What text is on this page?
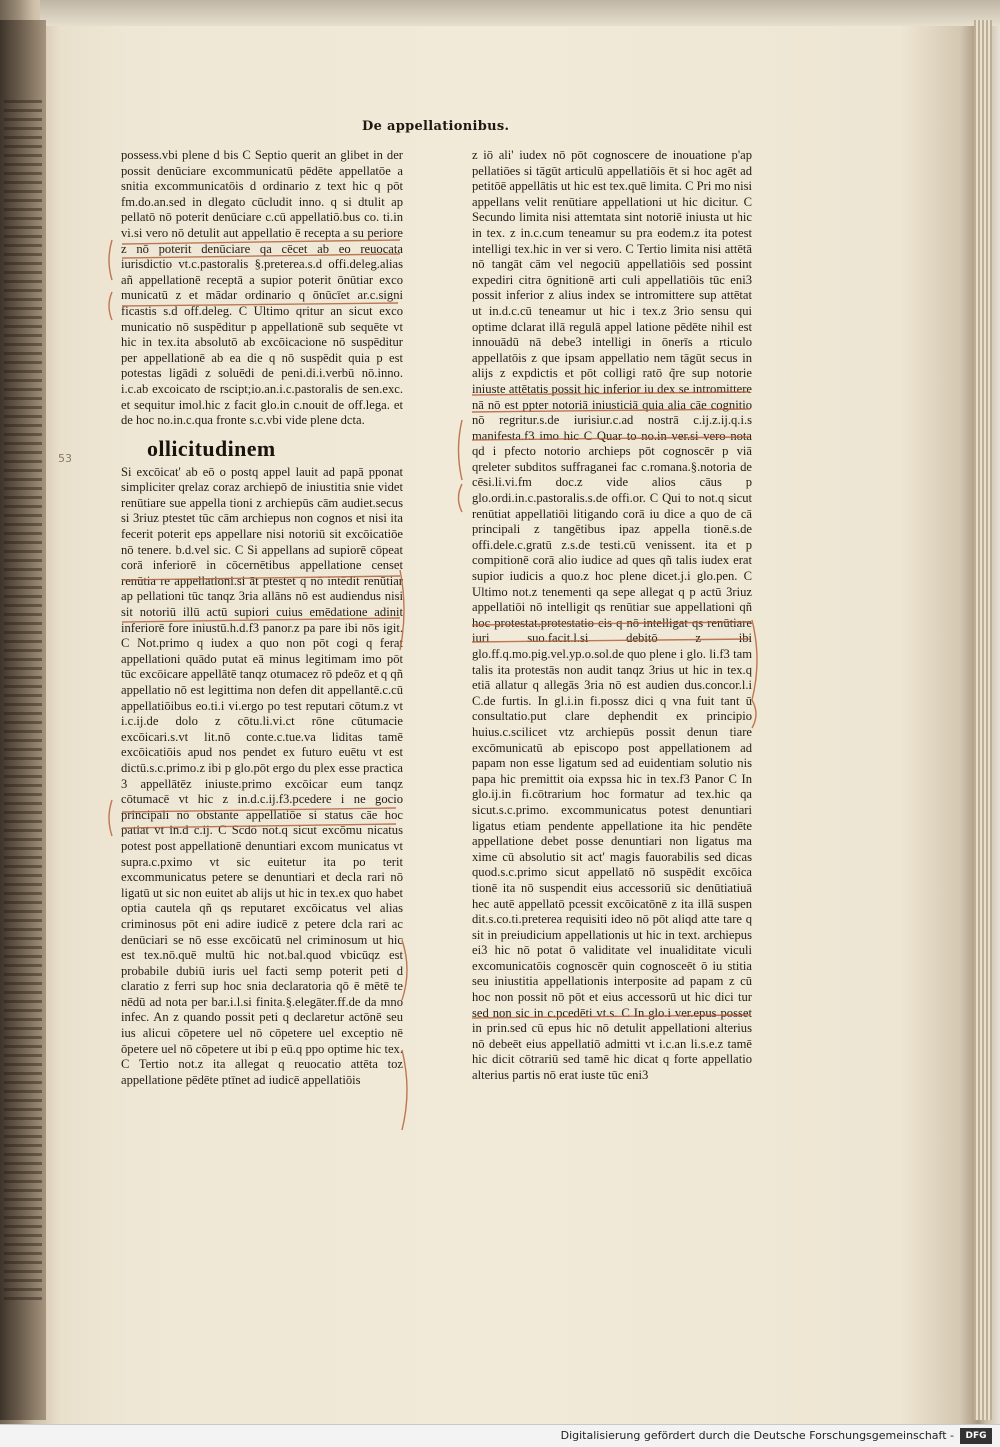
De appellationibus.
53

possess.vbi plene d bis C Septio querit an glibet in der possit denūciare excommunicatū pēdēte appellatōe a snitia excommunicatōis d ordinario z text hic q pōt fm.do.an.sed in dlegato cūcludit inno. q si dtulit ap pellatō nō poterit denūciare c.cū appellatiō.bus co. ti.in vi.si vero nō detulit aut appellatio ē recepta a su periore z nō poterit denūciare qa cēcet ab eo reuocata iurisdictio vt.c.pastoralis §.preterea.s.d offi.deleg.alias añ appellationē receptā a supior poterit ōnūtiar exco municatū z et mādar ordinario q ōnūcīet ar.c.signi ficastis s.d off.deleg. C Ultimo qritur an sicut exco municatio nō suspēditur p appellationē sub sequēte vt hic in tex.ita absolutō ab excōicacione nō suspēditur per appellationē ab ea die q nō suspēdit quia p est potestas ligādi z soluēdi de peni.di.i.verbū nō.inno. i.c.ab excoicato de rscipt;io.an.i.c.pastoralis de sen.exc. et sequitur imol.hic z facit glo.in c.nouit de off.lega. et de hoc no.in.c.qua fronte s.c.vbi vide plene dcta.

ollicitudinem

Si excōicat' ab eō o postq appel lauit ad papā pponat simpliciter qrelaz coraz archiepō de iniustitia snie videt renūtiare sue appella tioni z archiepūs cām audiet.secus si 3riuz ptestet tūc cām archiepus non cognos et nisi ita fecerit poterit eps appellare nisi notoriū sit excōicatiōe nō tenere. b.d.vel sic. C Si appellans ad supiorē cōpeat corā inferiorē in cōcernētibus appellatione censet renūtia re appellationi.si āt ptestet q nō intēdit renūtiar ap pellationi tūc tanqz 3ria allāns nō est audiendus nisi sit notoriū illū actū supiori cuius emēdatione adinit inferiorē fore iniustū.h.d.f3 panor.z pa pare ibi nōs igit. C Not.primo q iudex a quo non pōt cogi q ferat appellationi quādo putat eā minus legitimam imo pōt tūc excōicare appellātē tanqz otumacez rō pdeōz et q qñ appellatio nō est legittima non defen dit appellantē.c.cū appellatiōibus eo.ti.i vi.ergo po test reputari cōtum.z vt i.c.ij.de dolo z cōtu.li.vi.ct rōne cūtumacie excōicari.s.vt lit.nō conte.c.tue.va liditas tamē excōicatiōis apud nos pendet ex futuro euētu vt est dictū.s.c.primo.z ibi p glo.pōt ergo du plex esse practica 3 appellātēz iniuste.primo excōicar eum tanqz cōtumacē vt hic z in.d.c.ij.f3.pcedere i ne gocio principali nō obstante appellatiōe si status cāe hoc patiat vt in.d c.ij. C Scdō not.q sicut excōmu nicatus potest post appellationē denuntiari excom municatus vt supra.c.pximo vt sic euitetur ita po terit excommunicatus petere se denuntiari et decla rari nō ligatū ut sic non euitet ab alijs ut hic in tex.ex quo habet optia cautela qñ qs reputaret excōicatus vel alias criminosus pōt eni adire iudicē z petere dcla rari ac denūciari se nō esse excōicatū nel criminosum ut hic est tex.nō.quē multū hic not.bal.quod vbicūqz est probabile dubiū iuris uel facti semp poterit peti d claratio z ferri sup hoc snia declaratoria qō ē mētē te nēdū ad nota per bar.i.l.si finita.§.elegāter.ff.de da mno infec. An z quando possit peti q declaretur actōnē seu ius alicui cōpetere uel nō cōpetere uel exceptio nē ōpetere uel nō cōpetere ut ibi p eū.q ppo optime hic tex. C Tertio not.z ita allegat q reuocatio attēta toz appellatione pēdēte ptīnet ad iudicē appellatiōis

z iō ali' iudex nō pōt cognoscere de inouatione p'ap pellatiōes si tāgūt articulū appellatiōis ēt si hoc agēt ad petitōē appellātis ut hic est tex.quē limita. C Pri mo nisi appellans velit renūtiare appellationi ut hic dicitur. C Secundo limita nisi attemtata sint notoriē iniusta ut hic in tex. z in.c.cum teneamur su pra eodem.z ita potest intelligi tex.hic in ver si vero. C Tertio limita nisi attētā nō tangāt cām vel negociū appellatiōis sed possint expediri citra ōgnitionē arti culi appellatiōis tūc eni3 possit inferior z alius index se intromittere sup attētat ut in.d.c.cū teneamur ut hic i tex.z 3rio sensu qui optime dclarat illā regulā appel latione pēdēte nihil est innouādū nā debe3 intelligi in ōnerīs a rticulo appellatōis z que ipsam appellatio nem tāgūt secus in alijs z expdictis et pōt colligi ratō q̃re sup notorie iniuste attētatis possit hic inferior iu dex se intromittere nā nō est ppter notoriā iniusticiā quia alia cāe cognitio nō regritur.s.de iurisiur.c.ad nostrā c.ij.z.ij.q.i.s manifesta.f3 imo hic C Quar to no.in ver.si vero nota qd i pfecto notorio archieps pōt cognoscēr p viā qreleter subditos suffraganei fac c.romana.§.notoria de cēsi.li.vi.fm doc.z vide alios cāus p glo.ordi.in.c.pastoralis.s.de offi.or. C Qui to not.q sicut renūtiat appellatiōi litigando corā iu dice a quo de cā principali z tangētibus ipaz appella tionē.s.de offi.dele.c.gratū z.s.de testi.cū venissent. ita et p compitionē corā alio iudice ad ques qñ talis iudex erat supior iudicis a quo.z hoc plene dicet.j.i glo.pen. C Ultimo not.z tenementi qa sepe allegat q p actū 3riuz appellatiōi nō intelligit qs renūtiar sue appellationi qñ hoc protestat.protestatio cis q nō intelligat qs renūtiare iuri suo.facit.l.si debitō z ibi glo.ff.q.mo.pig.vel.yp.o.sol.de quo plene i glo. li.f3 tam talis ita protestās non audit tanqz 3rius ut hic in tex.q etiā allatur q allegās 3ria nō est audien dus.concor.l.i C.de furtis. In gl.i.in fi.possz dici q vna fuit tant ū consultatio.put clare dephendit ex principio huius.c.scilicet vtz archiepūs possit denun tiare excōmunicatū ab episcopo post appellationem ad papam non esse ligatum sed ad euidentiam solutio nis papa hic premittit oia expssa hic in tex.f3 Panor C In glo.ij.in fi.cōtrarium hoc formatur ad tex.hic qa sicut.s.c.primo. excommunicatus potest denuntiari ligatus etiam pendente appellatione ita hic pendēte appellatione debet posse denuntiari non ligatus ma xime cū absolutio sit act' magis fauorabilis sed dicas quod.s.c.primo sicut appellatō nō suspēdit excōica tionē ita nō suspendit eius accessoriū sic denūtiatiuā hec autē appellatō pcessit excōicatōnē z ita illā suspen dit.s.co.ti.preterea requisiti ideo nō pōt aliqd atte tare q sit in preiudicium appellationis ut hic in text. archiepus ei3 hic nō potat ō validitate vel inualiditate viculi excomunicatōis cognoscēr quin cognosceēt ō iu stitia seu iniustitia appellationis interposite ad papam z cū hoc non possit nō pōt et eius accessorū ut hic dici tur sed non sic in c.pcedēti vt.s. C In glo.i ver.epus posset in prin.sed cū epus hic nō detulit appellationi alterius nō debeēt eius appellatiō admitti vt i.c.an li.s.e.z tamē hic dicit cōtrariū sed tamē hic dicat q forte appellatio alterius partis nō erat iuste tūc eni3

Digitalisierung gefördert durch die Deutsche Forschungsgemeinschaft -	DFG
